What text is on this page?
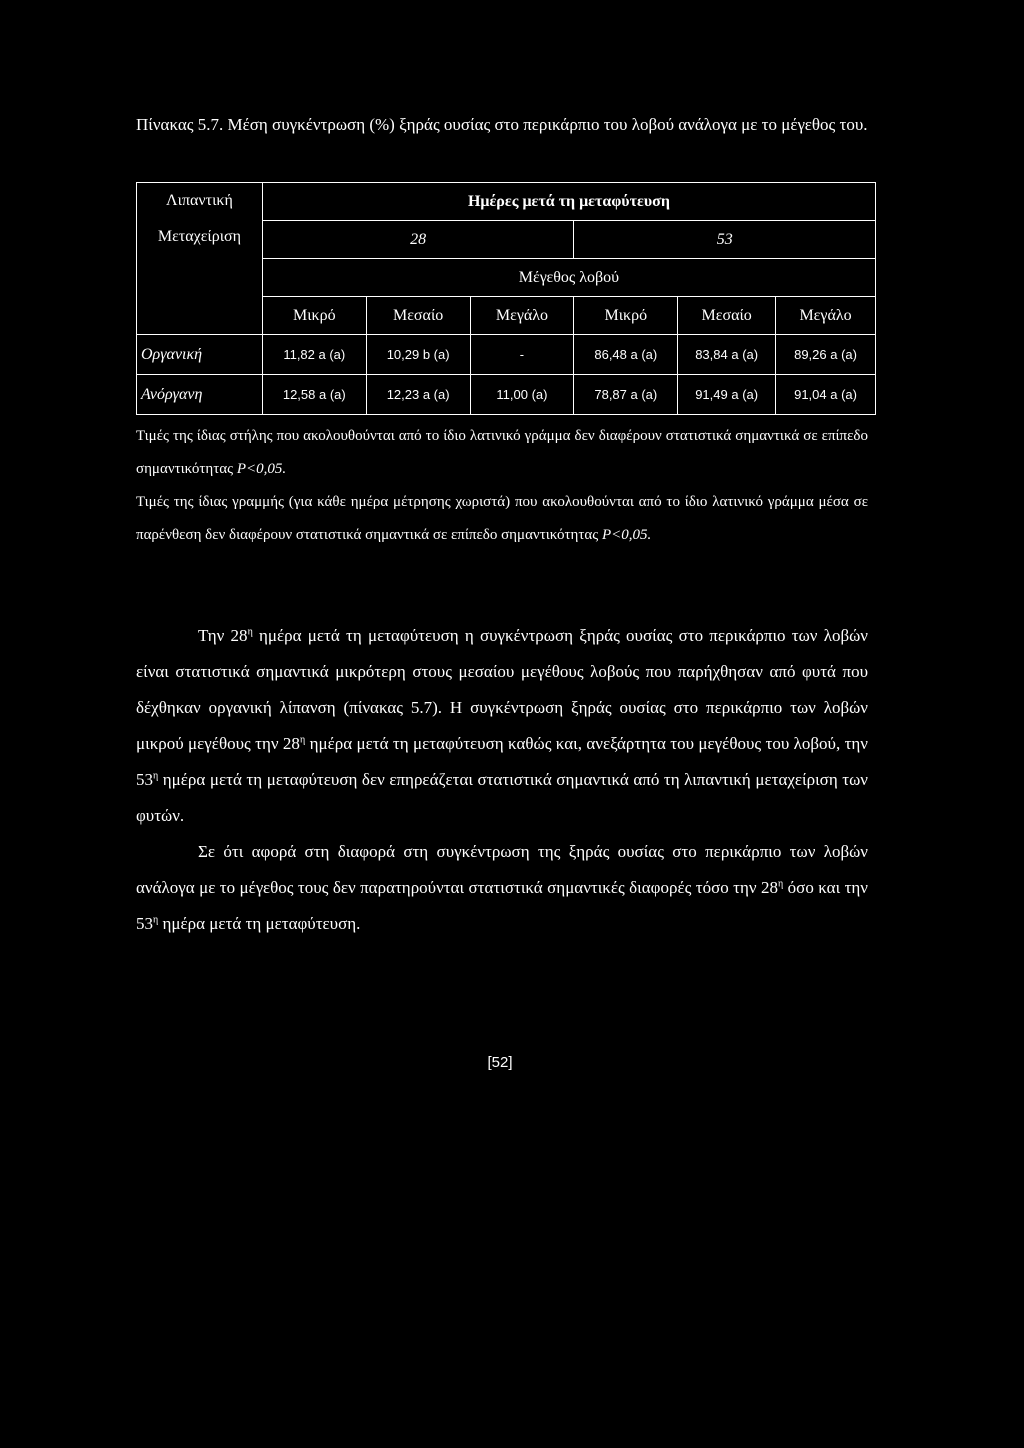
Πίνακας 5.7. Μέση συγκέντρωση (%) ξηράς ουσίας στο περικάρπιο του λοβού ανάλογα με το μέγεθος του.
Λιπαντική
Μεταχείριση	Ημέρες μετά τη μεταφύτευση					
	28			53		
	Μέγεθος λοβού					
	Μικρό	Μεσαίο	Μεγάλο	Μικρό	Μεσαίο	Μεγάλο
Οργανική	11,82 a (a)	10,29 b (a)	-	86,48 a (a)	83,84 a (a)	89,26 a (a)
Ανόργανη	12,58 a (a)	12,23 a (a)	11,00 (a)	78,87 a (a)	91,49 a (a)	91,04 a (a)

Τιμές της ίδιας στήλης που ακολουθούνται από το ίδιο λατινικό γράμμα δεν διαφέρουν στατιστικά σημαντικά σε επίπεδο σημαντικότητας P<0,05.

Τιμές της ίδιας γραμμής (για κάθε ημέρα μέτρησης χωριστά) που ακολουθούνται από το ίδιο λατινικό γράμμα μέσα σε παρένθεση δεν διαφέρουν στατιστικά σημαντικά σε επίπεδο σημαντικότητας P<0,05.

Την $28^\eta$ ημέρα μετά τη μεταφύτευση η συγκέντρωση ξηράς ουσίας στο περικάρπιο των λοβών είναι στατιστικά σημαντικά μικρότερη στους μεσαίου μεγέθους λοβούς που παρήχθησαν από φυτά που δέχθηκαν οργανική λίπανση (πίνακας 5.7). Η συγκέντρωση ξηράς ουσίας στο περικάρπιο των λοβών μικρού μεγέθους την $28^\eta$ ημέρα μετά τη μεταφύτευση καθώς και, ανεξάρτητα του μεγέθους του λοβού, την $53^\eta$ ημέρα μετά τη μεταφύτευση δεν επηρεάζεται στατιστικά σημαντικά από τη λιπαντική μεταχείριση των φυτών.

Σε ότι αφορά στη διαφορά στη συγκέντρωση της ξηράς ουσίας στο περικάρπιο των λοβών ανάλογα με το μέγεθος τους δεν παρατηρούνται στατιστικά σημαντικές διαφορές τόσο την $28^\eta$ όσο και την $53^\eta$ ημέρα μετά τη μεταφύτευση.

[52]
